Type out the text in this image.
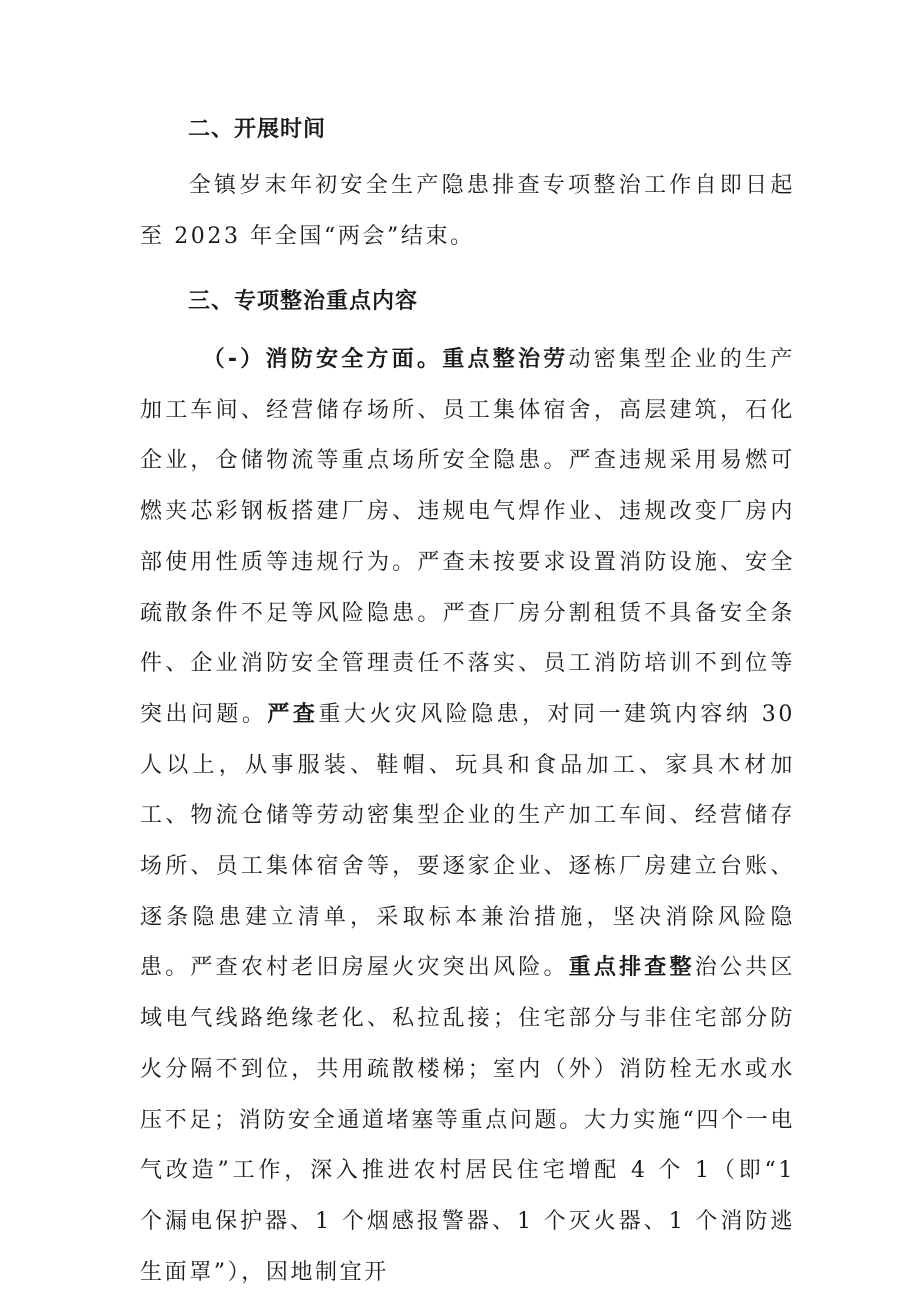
二、开展时间

全镇岁末年初安全生产隐患排查专项整治工作自即日起至 2023 年全国“两会”结束。

三、专项整治重点内容

（-）消防安全方面。重点整治劳动密集型企业的生产加工车间、经营储存场所、员工集体宿舍，高层建筑，石化企业，仓储物流等重点场所安全隐患。严查违规采用易燃可燃夹芯彩钢板搭建厂房、违规电气焊作业、违规改变厂房内部使用性质等违规行为。严查未按要求设置消防设施、安全疏散条件不足等风险隐患。严查厂房分割租赁不具备安全条件、企业消防安全管理责任不落实、员工消防培训不到位等突出问题。严查重大火灾风险隐患，对同一建筑内容纳 30 人以上，从事服装、鞋帽、玩具和食品加工、家具木材加工、物流仓储等劳动密集型企业的生产加工车间、经营储存场所、员工集体宿舍等，要逐家企业、逐栋厂房建立台账、逐条隐患建立清单，采取标本兼治措施，坚决消除风险隐患。严查农村老旧房屋火灾突出风险。重点排查整治公共区域电气线路绝缘老化、私拉乱接；住宅部分与非住宅部分防火分隔不到位，共用疏散楼梯；室内（外）消防栓无水或水压不足；消防安全通道堵塞等重点问题。大力实施“四个一电气改造”工作，深入推进农村居民住宅增配 4 个 1（即“1 个漏电保护器、1 个烟感报警器、1 个灭火器、1 个消防逃生面罩”），因地制宜开
